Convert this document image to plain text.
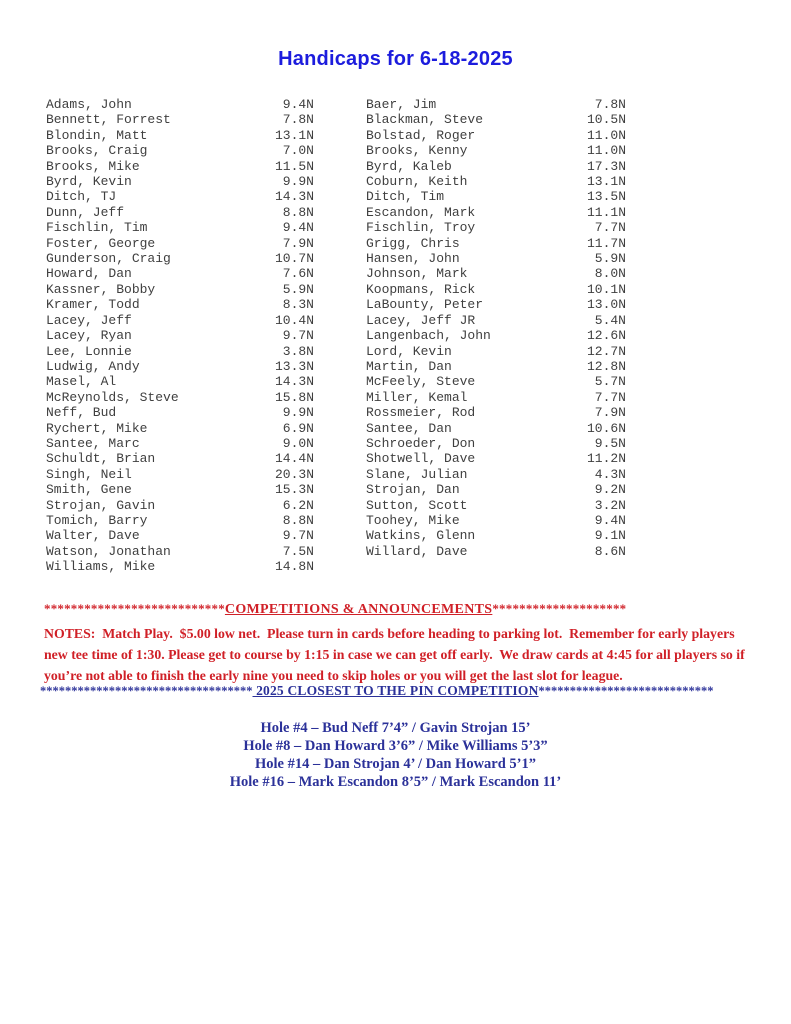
Handicaps for 6-18-2025
Adams, John	9.4N
Bennett, Forrest	7.8N
Blondin, Matt	13.1N
Brooks, Craig	7.0N
Brooks, Mike	11.5N
Byrd, Kevin	9.9N
Ditch, TJ	14.3N
Dunn, Jeff	8.8N
Fischlin, Tim	9.4N
Foster, George	7.9N
Gunderson, Craig	10.7N
Howard, Dan	7.6N
Kassner, Bobby	5.9N
Kramer, Todd	8.3N
Lacey, Jeff	10.4N
Lacey, Ryan	9.7N
Lee, Lonnie	3.8N
Ludwig, Andy	13.3N
Masel, Al	14.3N
McReynolds, Steve	15.8N
Neff, Bud	9.9N
Rychert, Mike	6.9N
Santee, Marc	9.0N
Schuldt, Brian	14.4N
Singh, Neil	20.3N
Smith, Gene	15.3N
Strojan, Gavin	6.2N
Tomich, Barry	8.8N
Walter, Dave	9.7N
Watson, Jonathan	7.5N
Williams, Mike	14.8N
Baer, Jim	7.8N
Blackman, Steve	10.5N
Bolstad, Roger	11.0N
Brooks, Kenny	11.0N
Byrd, Kaleb	17.3N
Coburn, Keith	13.1N
Ditch, Tim	13.5N
Escandon, Mark	11.1N
Fischlin, Troy	7.7N
Grigg, Chris	11.7N
Hansen, John	5.9N
Johnson, Mark	8.0N
Koopmans, Rick	10.1N
LaBounty, Peter	13.0N
Lacey, Jeff JR	5.4N
Langenbach, John	12.6N
Lord, Kevin	12.7N
Martin, Dan	12.8N
McFeely, Steve	5.7N
Miller, Kemal	7.7N
Rossmeier, Rod	7.9N
Santee, Dan	10.6N
Schroeder, Don	9.5N
Shotwell, Dave	11.2N
Slane, Julian	4.3N
Strojan, Dan	9.2N
Sutton, Scott	3.2N
Toohey, Mike	9.4N
Watkins, Glenn	9.1N
Willard, Dave	8.6N
***************************COMPETITIONS & ANNOUNCEMENTS********************

NOTES:  Match Play.  $5.00 low net.  Please turn in cards before heading to parking lot.  Remember for early players new tee time of 1:30. Please get to course by 1:15 in case we can get off early.  We draw cards at 4:45 for all players so if you’re not able to finish the early nine you need to skip holes or you will get the last slot for league.

********************************** 2025 CLOSEST TO THE PIN COMPETITION****************************
Hole #4 – Bud Neff 7’4” / Gavin Strojan 15’
Hole #8 – Dan Howard 3’6” / Mike Williams 5’3”
Hole #14 – Dan Strojan 4’ / Dan Howard 5’1”
Hole #16 – Mark Escandon 8’5” / Mark Escandon 11’
